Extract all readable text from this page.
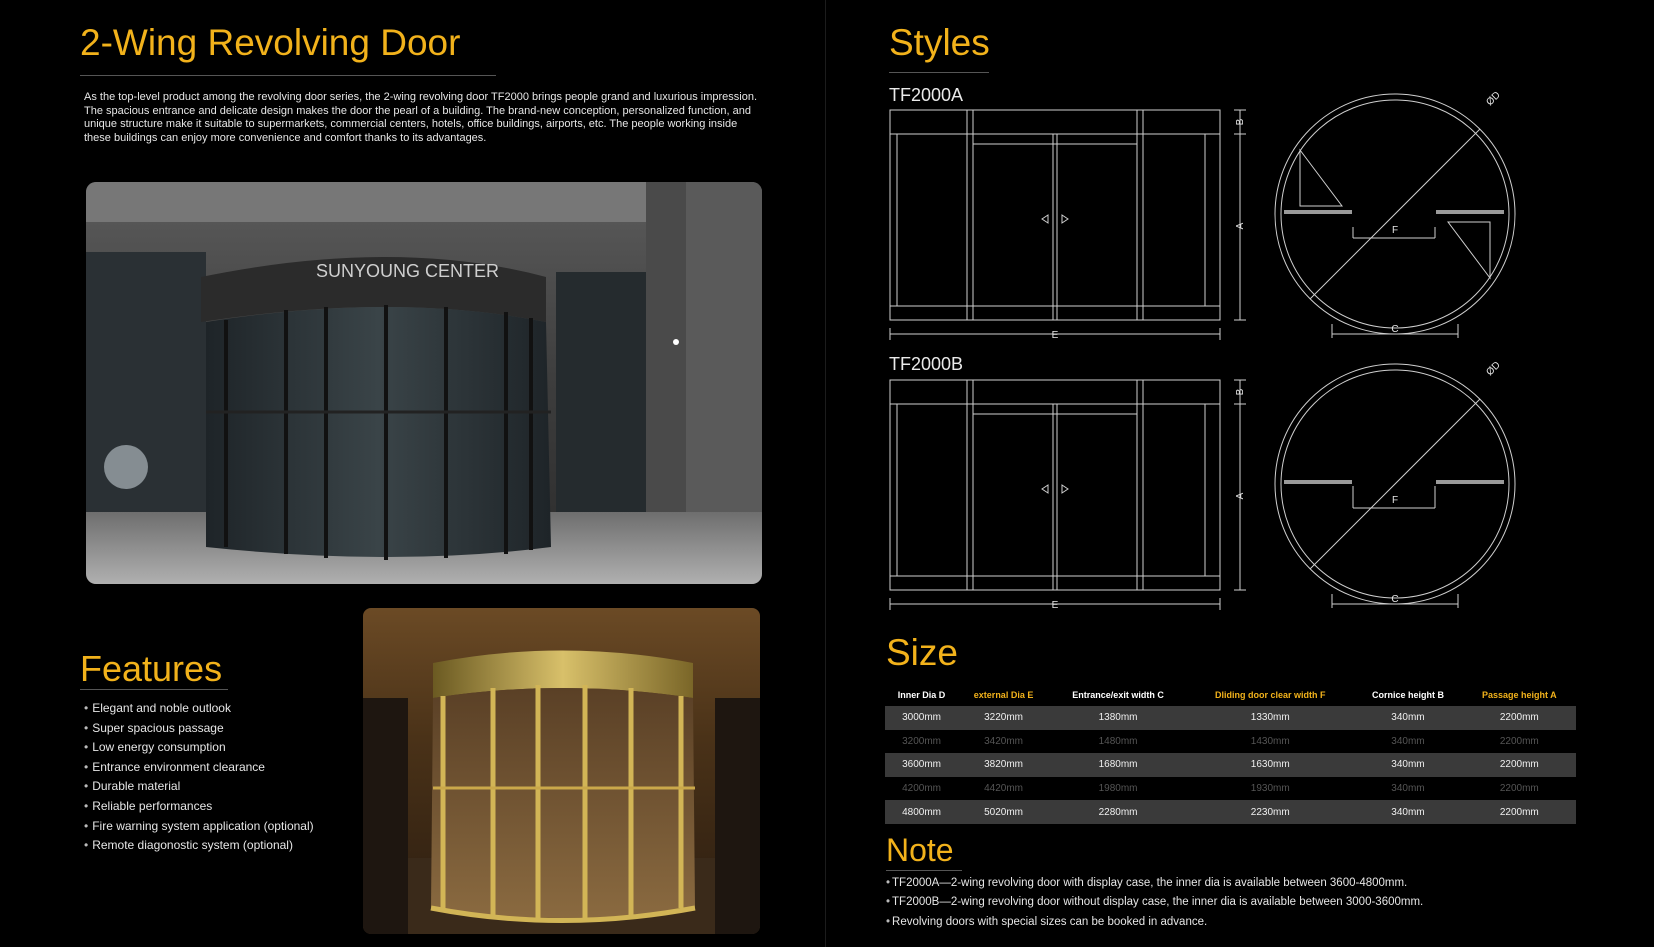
2-Wing Revolving Door

As the top-level product among the revolving door series, the 2-wing revolving door TF2000 brings people grand and luxurious impression. The spacious entrance and delicate design makes the door the pearl of a building. The brand-new conception, personalized function, and unique structure make it suitable to supermarkets, commercial centers, hotels, office buildings, airports, etc. The people working inside these buildings can enjoy more convenience and comfort thanks to its advantages.

SUNYOUNG CENTER
Features
• Elegant and noble outlook
• Super spacious passage
• Low energy consumption
• Entrance environment clearance
• Durable material
• Reliable performances
• Fire warning system application (optional)
• Remote diagonostic system (optional)
Styles
TF2000A
TF2000B
E
A
B
F
C
ØD
E
A
B
F
C
ØD
Size
Inner Dia D	external Dia E	Entrance/exit width C	Dliding door clear width F	Cornice height B	Passage height A
3000mm	3220mm	1380mm	1330mm	340mm	2200mm
3200mm	3420mm	1480mm	1430mm	340mm	2200mm
3600mm	3820mm	1680mm	1630mm	340mm	2200mm
4200mm	4420mm	1980mm	1930mm	340mm	2200mm
4800mm	5020mm	2280mm	2230mm	340mm	2200mm
Note
• TF2000A—2-wing revolving door with display case, the inner dia is available between 3600-4800mm.
• TF2000B—2-wing revolving door without display case, the inner dia is available between 3000-3600mm.
• Revolving doors with special sizes can be booked in advance.
